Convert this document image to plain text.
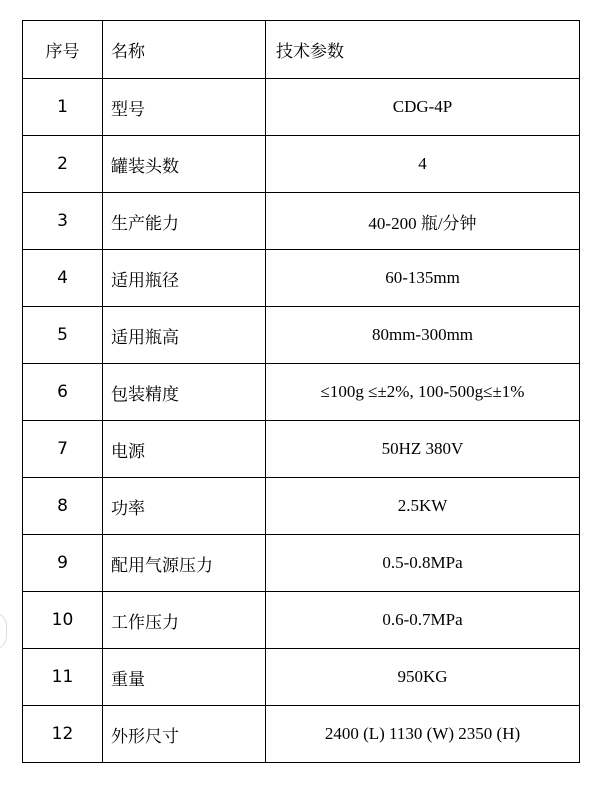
序号	名称	技术参数
1	型号	CDG-4P
2	罐装头数	4
3	生产能力	40-200 瓶/分钟
4	适用瓶径	60-135mm
5	适用瓶高	80mm-300mm
6	包装精度	≤100g ≤±2%, 100-500g≤±1%
7	电源	50HZ 380V
8	功率	2.5KW
9	配用气源压力	0.5-0.8MPa
10	工作压力	0.6-0.7MPa
11	重量	950KG
12	外形尺寸	2400 (L) 1130 (W) 2350 (H)
